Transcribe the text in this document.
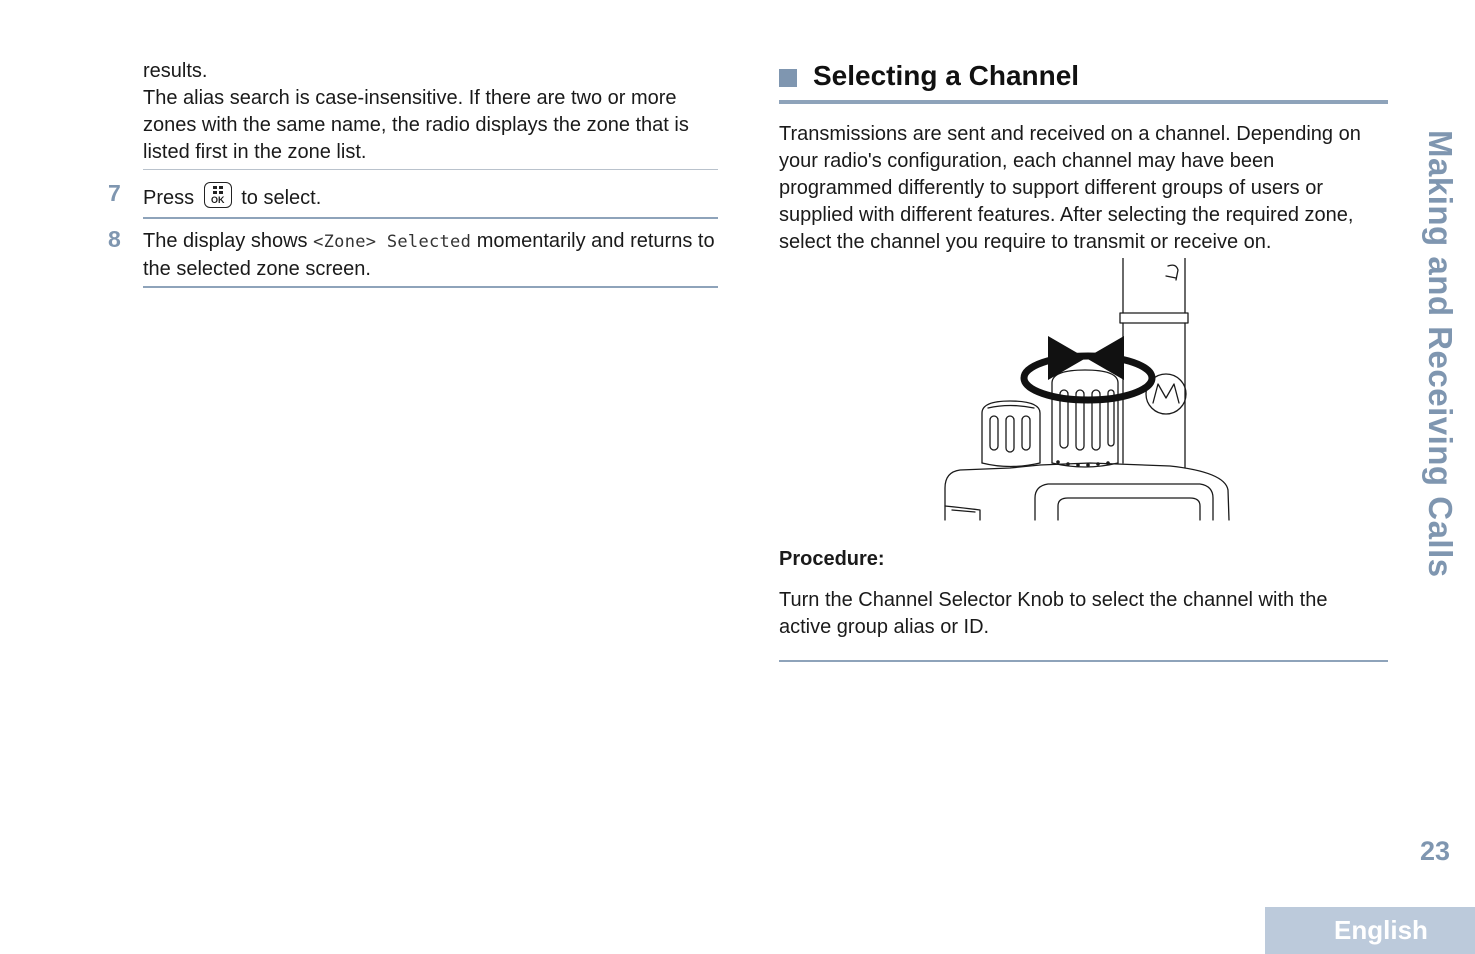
results.
The alias search is case-insensitive. If there are two or more zones with the same name, the radio displays the zone that is listed first in the zone list.
7 Press	OK to select.
8 The display shows <Zone> Selected momentarily and returns to the selected zone screen.
Selecting a Channel
Transmissions are sent and received on a channel. Depending on your radio's configuration, each channel may have been programmed differently to support different groups of users or supplied with different features. After selecting the required zone, select the channel you require to transmit or receive on.
Procedure:
Turn the Channel Selector Knob to select the channel with the active group alias or ID.
Making and Receiving Calls
23
English
